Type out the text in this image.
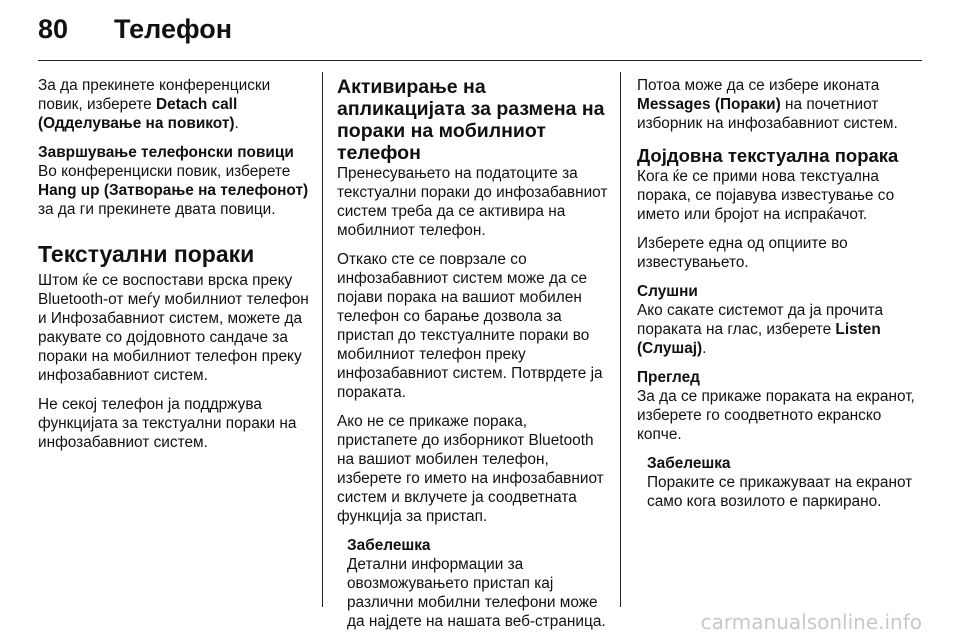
80	Телефон

За да прекинете конференциски повик, изберете Detach call (Одделување на повикот).

Завршување телефонски повици

Во конференциски повик, изберете Hang up (Затворање на телефонот) за да ги прекинете двата повици.

Текстуални пораки

Штом ќе се воспостави врска преку Bluetooth-от меѓу мобилниот телефон и Инфозабавниот систем, можете да ракувате со дојдовното сандаче за пораки на мобилниот телефон преку инфозабавниот систем.

Не секој телефон ја поддржува функцијата за текстуални пораки на инфозабавниот систем.

Активирање на апликацијата за размена на пораки на мобилниот телефон

Пренесувањето на податоците за текстуални пораки до инфозабавниот систем треба да се активира на мобилниот телефон.

Откако сте се поврзале со инфозабавниот систем може да се појави порака на вашиот мобилен телефон со барање дозвола за пристап до текстуалните пораки во мобилниот телефон преку инфозабавниот систем. Потврдете ја пораката.

Ако не се прикаже порака, пристапете до изборникот Bluetooth на вашиот мобилен телефон, изберете го името на инфозабавниот систем и вклучете ја соодветната функција за пристап.

Забелешка
Детални информации за овозможувањето пристап кај различни мобилни телефони може да најдете на нашата веб-страница.

Потоа може да се избере иконата Messages (Пораки) на почетниот изборник на инфозабавниот систем.

Дојдовна текстуална порака

Кога ќе се прими нова текстуална порака, се појавува известување со името или бројот на испраќачот.

Изберете една од опциите во известувањето.

Слушни

Ако сакате системот да ја прочита пораката на глас, изберете Listen (Слушај).

Преглед

За да се прикаже пораката на екранот, изберете го соодветното екранско копче.

Забелешка
Пораките се прикажуваат на екранот само кога возилото е паркирано.
carmanualsonline.info
